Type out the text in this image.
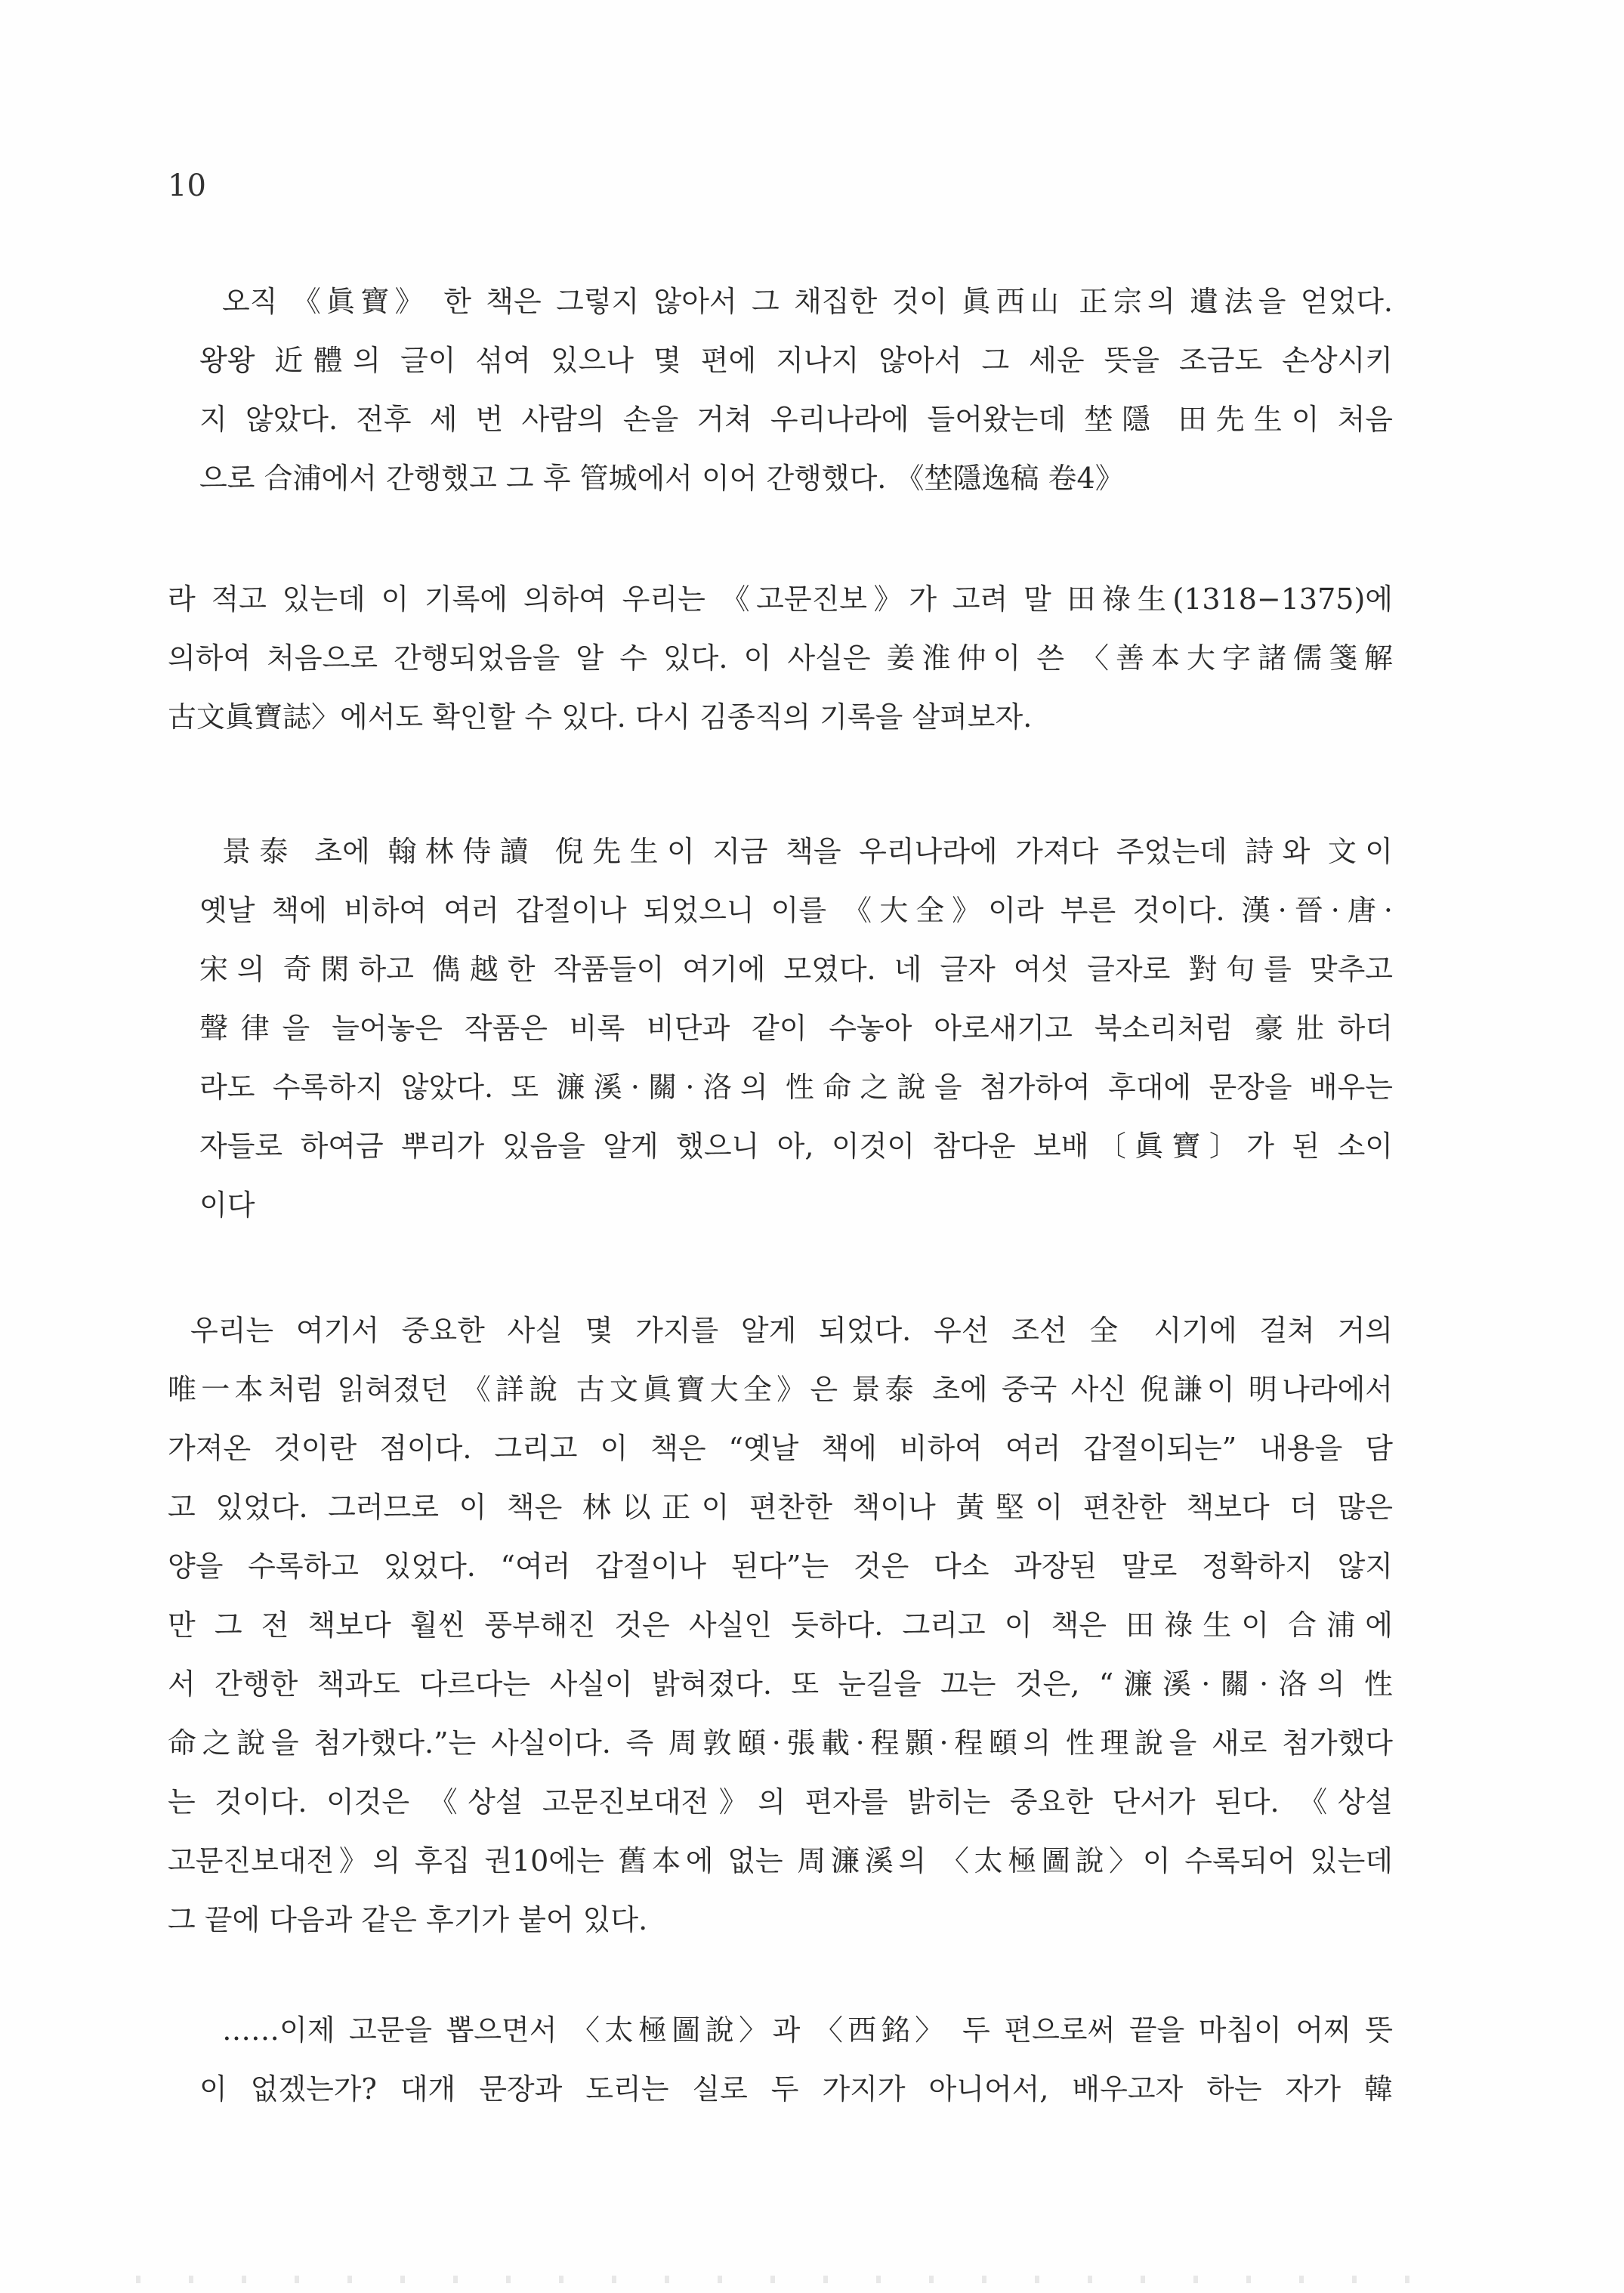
10
오직 《眞寶》 한 책은 그렇지 않아서 그 채집한 것이 眞西山 正宗의 遺法을 얻었다.
왕왕 近體의 글이 섞여 있으나 몇 편에 지나지 않아서 그 세운 뜻을 조금도 손상시키
지 않았다. 전후 세 번 사람의 손을 거쳐 우리나라에 들어왔는데 埜隱 田先生이 처음
으로 合浦에서 간행했고 그 후 管城에서 이어 간행했다. 《埜隱逸稿 卷4》
라 적고 있는데 이 기록에 의하여 우리는 《고문진보》가 고려 말 田祿生(1318−1375)에
의하여 처음으로 간행되었음을 알 수 있다. 이 사실은 姜淮仲이 쓴 〈善本大字諸儒箋解
古文眞寶誌〉에서도 확인할 수 있다. 다시 김종직의 기록을 살펴보자.
景泰 초에 翰林侍讀 倪先生이 지금 책을 우리나라에 가져다 주었는데 詩와 文이
옛날 책에 비하여 여러 갑절이나 되었으니 이를 《大全》이라 부른 것이다. 漢·晉·唐·
宋의 奇閑하고 儁越한 작품들이 여기에 모였다. 네 글자 여섯 글자로 對句를 맞추고
聲律을 늘어놓은 작품은 비록 비단과 같이 수놓아 아로새기고 북소리처럼 豪壯하더
라도 수록하지 않았다. 또 濂溪·關·洛의 性命之說을 첨가하여 후대에 문장을 배우는
자들로 하여금 뿌리가 있음을 알게 했으니 아, 이것이 참다운 보배〔眞寶〕가 된 소이
이다
우리는 여기서 중요한 사실 몇 가지를 알게 되었다. 우선 조선 全 시기에 걸쳐 거의
唯一本처럼 읽혀졌던 《詳說 古文眞寶大全》은 景泰 초에 중국 사신 倪謙이 明나라에서
가져온 것이란 점이다. 그리고 이 책은 “옛날 책에 비하여 여러 갑절이되는” 내용을 담
고 있었다. 그러므로 이 책은 林以正이 편찬한 책이나 黃堅이 편찬한 책보다 더 많은
양을 수록하고 있었다. “여러 갑절이나 된다”는 것은 다소 과장된 말로 정확하지 않지
만 그 전 책보다 훨씬 풍부해진 것은 사실인 듯하다. 그리고 이 책은 田祿生이 合浦에
서 간행한 책과도 다르다는 사실이 밝혀졌다. 또 눈길을 끄는 것은, “濂溪·關·洛의 性
命之說을 첨가했다.”는 사실이다. 즉 周敦頤·張載·程顥·程頤의 性理說을 새로 첨가했다
는 것이다. 이것은 《상설 고문진보대전》의 편자를 밝히는 중요한 단서가 된다. 《상설
고문진보대전》의 후집 권10에는 舊本에 없는 周濂溪의 〈太極圖說〉이 수록되어 있는데
그 끝에 다음과 같은 후기가 붙어 있다.
……이제 고문을 뽑으면서 〈太極圖說〉과 〈西銘〉 두 편으로써 끝을 마침이 어찌 뜻
이 없겠는가? 대개 문장과 도리는 실로 두 가지가 아니어서, 배우고자 하는 자가 韓
